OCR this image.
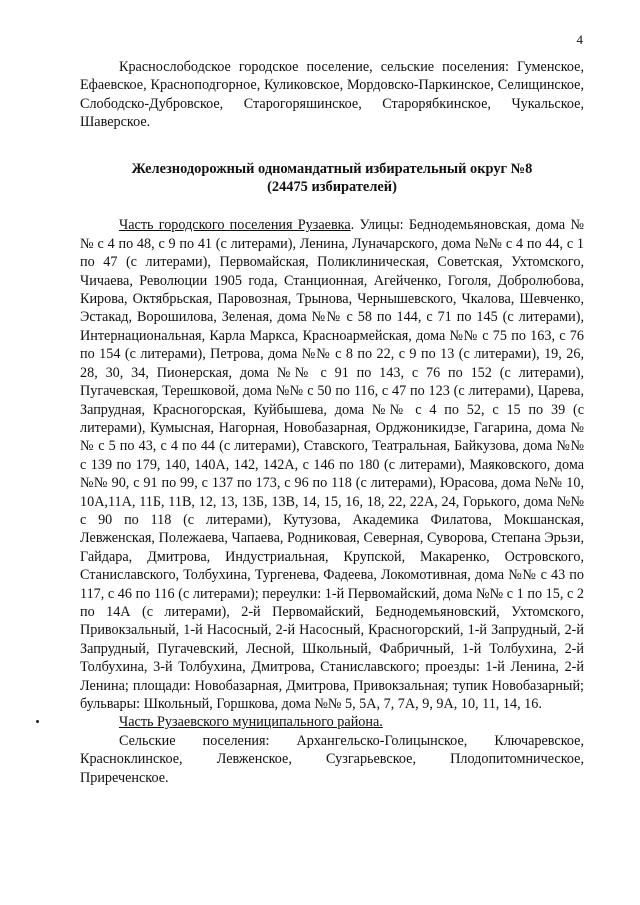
4

Краснослободское городское поселение, сельские поселения: Гуменское, Ефаевское, Красноподгорное, Куликовское, Мордовско-Паркинское, Селищинское, Слободско-Дубровское, Старогоряшинское, Старорябкинское, Чукальское, Шаверское.

Железнодорожный одномандатный избирательный округ №8
(24475 избирателей)

Часть городского поселения Рузаевка. Улицы: Беднодемьяновская, дома №№ с 4 по 48, с 9 по 41 (с литерами), Ленина, Луначарского, дома №№ с 4 по 44, с 1 по 47 (с литерами), Первомайская, Поликлиническая, Советская, Ухтомского, Чичаева, Революции 1905 года, Станционная, Агейченко, Гоголя, Добролюбова, Кирова, Октябрьская, Паровозная, Трынова, Чернышевского, Чкалова, Шевченко, Эстакад, Ворошилова, Зеленая, дома №№ с 58 по 144, с 71 по 145 (с литерами), Интернациональная, Карла Маркса, Красноармейская, дома №№ с 75 по 163, с 76 по 154 (с литерами), Петрова, дома №№ с 8 по 22, с 9 по 13 (с литерами), 19, 26, 28, 30, 34, Пионерская, дома №№ с 91 по 143, с 76 по 152 (с литерами), Пугачевская, Терешковой, дома №№ с 50 по 116, с 47 по 123 (с литерами), Царева, Запрудная, Красногорская, Куйбышева, дома №№ с 4 по 52, с 15 по 39 (с литерами), Кумысная, Нагорная, Новобазарная, Орджоникидзе, Гагарина, дома №№ с 5 по 43, с 4 по 44 (с литерами), Ставского, Театральная, Байкузова, дома №№ с 139 по 179, 140, 140А, 142, 142А, с 146 по 180 (с литерами), Маяковского, дома №№ 90, с 91 по 99, с 137 по 173, с 96 по 118 (с литерами), Юрасова, дома №№ 10, 10А,11А, 11Б, 11В, 12, 13, 13Б, 13В, 14, 15, 16, 18, 22, 22А, 24, Горького, дома №№ с 90 по 118 (с литерами), Кутузова, Академика Филатова, Мокшанская, Левженская, Полежаева, Чапаева, Родниковая, Северная, Суворова, Степана Эрьзи, Гайдара, Дмитрова, Индустриальная, Крупской, Макаренко, Островского, Станиславского, Толбухина, Тургенева, Фадеева, Локомотивная, дома №№ с 43 по 117, с 46 по 116 (с литерами); переулки: 1-й Первомайский, дома №№ с 1 по 15, с 2 по 14А (с литерами), 2-й Первомайский, Беднодемьяновский, Ухтомского, Привокзальный, 1-й Насосный, 2-й Насосный, Красногорский, 1-й Запрудный, 2-й Запрудный, Пугачевский, Лесной, Школьный, Фабричный, 1-й Толбухина, 2-й Толбухина, 3-й Толбухина, Дмитрова, Станиславского; проезды: 1-й Ленина, 2-й Ленина; площади: Новобазарная, Дмитрова, Привокзальная; тупик Новобазарный; бульвары: Школьный, Горшкова, дома №№ 5, 5А, 7, 7А, 9, 9А, 10, 11, 14, 16.

Часть Рузаевского муниципального района.

Сельские поселения: Архангельско-Голицынское, Ключаревское, Красноклинское, Левженское, Сузгарьевское, Плодопитомническое, Приреченское.
